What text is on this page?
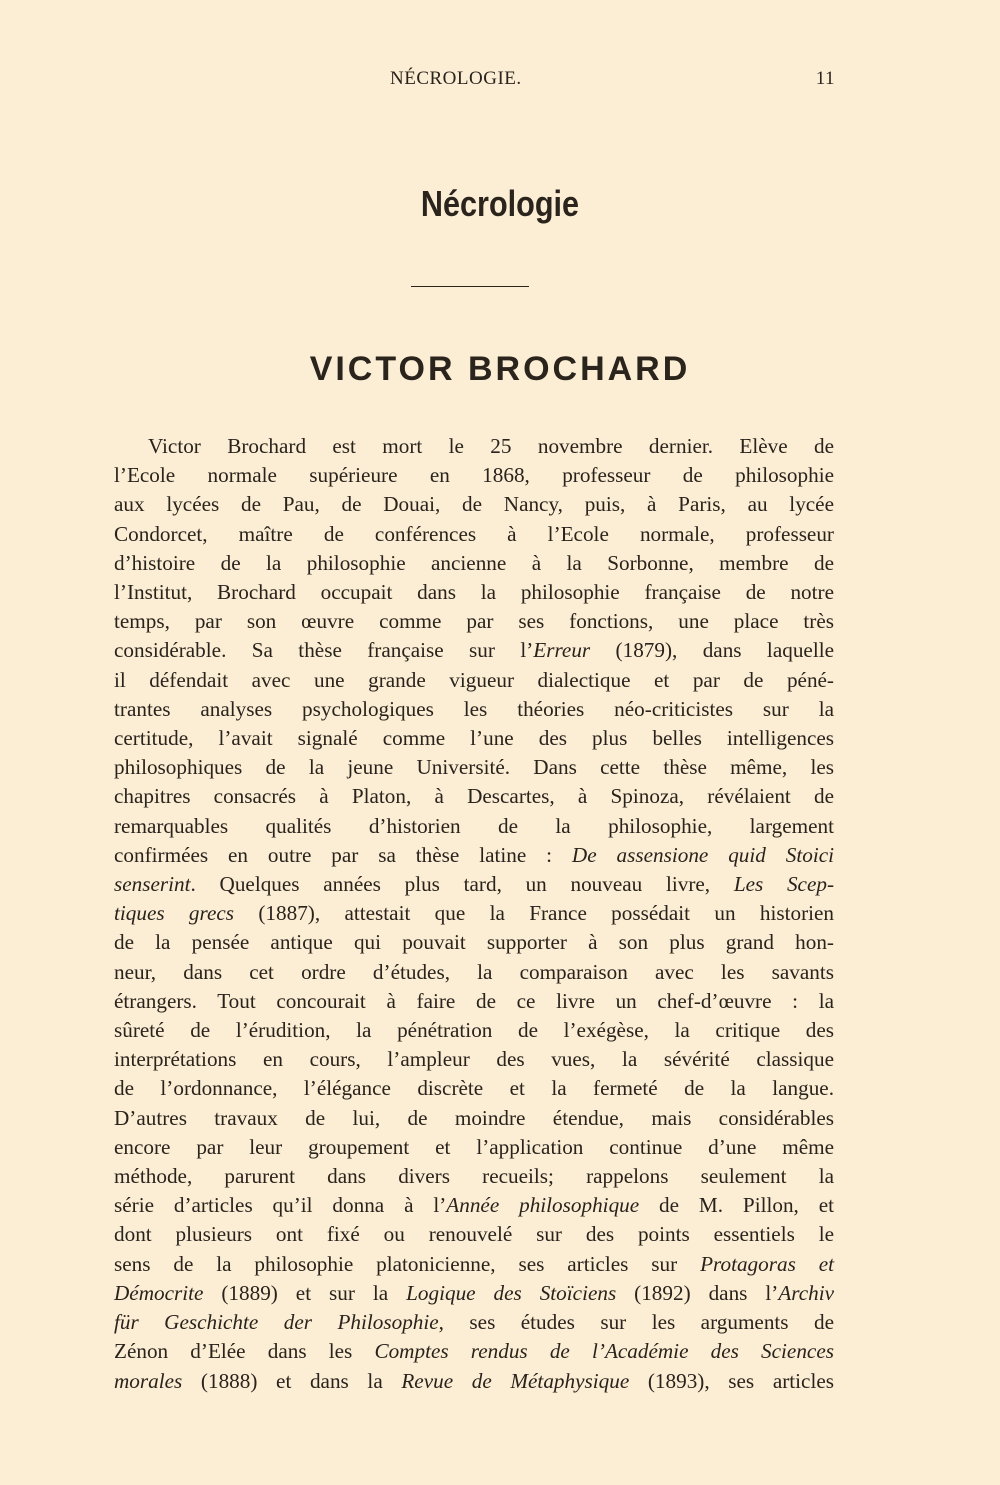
NÉCROLOGIE.	11
Nécrologie
VICTOR BROCHARD
Victor Brochard est mort le 25 novembre dernier. Elève de
l’Ecole normale supérieure en 1868, professeur de philosophie
aux lycées de Pau, de Douai, de Nancy, puis, à Paris, au lycée
Condorcet, maître de conférences à l’Ecole normale, professeur
d’histoire de la philosophie ancienne à la Sorbonne, membre de
l’Institut, Brochard occupait dans la philosophie française de notre
temps, par son œuvre comme par ses fonctions, une place très
considérable. Sa thèse française sur l’Erreur (1879), dans laquelle
il défendait avec une grande vigueur dialectique et par de péné-
trantes analyses psychologiques les théories néo-criticistes sur la
certitude, l’avait signalé comme l’une des plus belles intelligences
philosophiques de la jeune Université. Dans cette thèse même, les
chapitres consacrés à Platon, à Descartes, à Spinoza, révélaient de
remarquables qualités d’historien de la philosophie, largement
confirmées en outre par sa thèse latine : De assensione quid Stoici
senserint. Quelques années plus tard, un nouveau livre, Les Scep-
tiques grecs (1887), attestait que la France possédait un historien
de la pensée antique qui pouvait supporter à son plus grand hon-
neur, dans cet ordre d’études, la comparaison avec les savants
étrangers. Tout concourait à faire de ce livre un chef-d’œuvre : la
sûreté de l’érudition, la pénétration de l’exégèse, la critique des
interprétations en cours, l’ampleur des vues, la sévérité classique
de l’ordonnance, l’élégance discrète et la fermeté de la langue.
D’autres travaux de lui, de moindre étendue, mais considérables
encore par leur groupement et l’application continue d’une même
méthode, parurent dans divers recueils; rappelons seulement la
série d’articles qu’il donna à l’Année philosophique de M. Pillon, et
dont plusieurs ont fixé ou renouvelé sur des points essentiels le
sens de la philosophie platonicienne, ses articles sur Protagoras et
Démocrite (1889) et sur la Logique des Stoïciens (1892) dans l’Archiv
für Geschichte der Philosophie, ses études sur les arguments de
Zénon d’Elée dans les Comptes rendus de l’Académie des Sciences
morales (1888) et dans la Revue de Métaphysique (1893), ses articles
